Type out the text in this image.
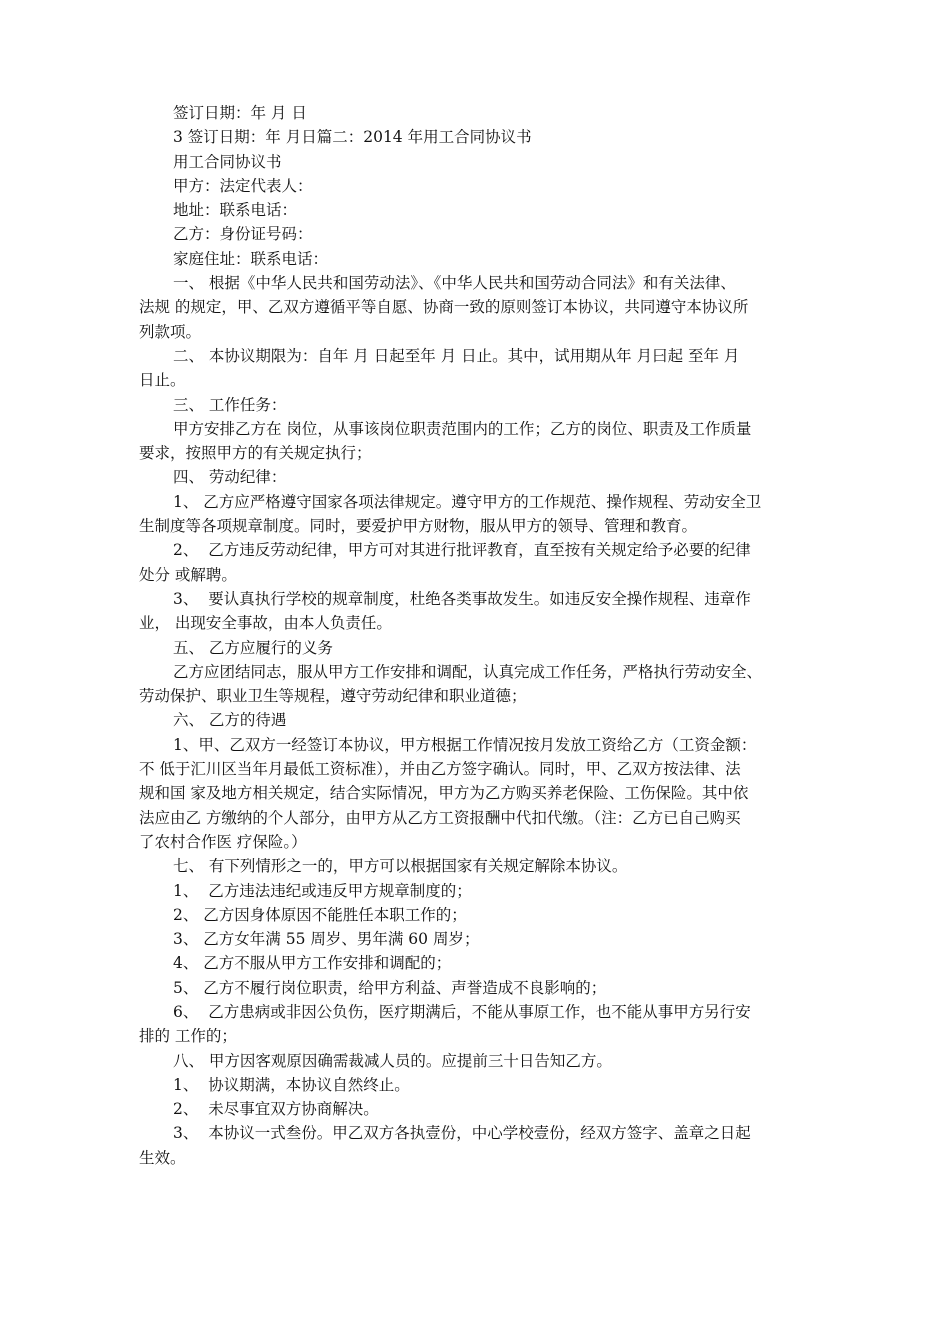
签订日期：年 月 日

3 签订日期：年 月日篇二：2014 年用工合同协议书

用工合同协议书

甲方：法定代表人：

地址：联系电话：

乙方：身份证号码：

家庭住址：联系电话：

一、 根据《中华人民共和国劳动法》、《中华人民共和国劳动合同法》和有关法律、

法规 的规定，甲、乙双方遵循平等自愿、协商一致的原则签订本协议，共同遵守本协议所

列款项。

二、 本协议期限为：自年 月 日起至年 月 日止。其中，试用期从年 月曰起 至年 月

日止。

三、 工作任务：

甲方安排乙方在 岗位，从事该岗位职责范围内的工作；乙方的岗位、职责及工作质量

要求，按照甲方的有关规定执行；

四、 劳动纪律：

1、 乙方应严格遵守国家各项法律规定。遵守甲方的工作规范、操作规程、劳动安全卫

生制度等各项规章制度。同时，要爱护甲方财物，服从甲方的领导、管理和教育。

2、  乙方违反劳动纪律，甲方可对其进行批评教育，直至按有关规定给予必要的纪律

处分 或解聘。

3、  要认真执行学校的规章制度，杜绝各类事故发生。如违反安全操作规程、违章作

业， 出现安全事故，由本人负责任。

五、 乙方应履行的义务

乙方应团结同志，服从甲方工作安排和调配，认真完成工作任务，严格执行劳动安全、

劳动保护、职业卫生等规程，遵守劳动纪律和职业道德；

六、 乙方的待遇

1、甲、乙双方一经签订本协议，甲方根据工作情况按月发放工资给乙方（工资金额：

不 低于汇川区当年月最低工资标准），并由乙方签字确认。同时，甲、乙双方按法律、法

规和国 家及地方相关规定，结合实际情况，甲方为乙方购买养老保险、工伤保险。其中依

法应由乙 方缴纳的个人部分，由甲方从乙方工资报酬中代扣代缴。（注：乙方已自己购买

了农村合作医 疗保险。）

七、 有下列情形之一的，甲方可以根据国家有关规定解除本协议。

1、  乙方违法违纪或违反甲方规章制度的；

2、 乙方因身体原因不能胜任本职工作的；

3、 乙方女年满 55 周岁、男年满 60 周岁；

4、 乙方不服从甲方工作安排和调配的；

5、 乙方不履行岗位职责，给甲方利益、声誉造成不良影响的；

6、  乙方患病或非因公负伤，医疗期满后，不能从事原工作，也不能从事甲方另行安

排的 工作的；

八、 甲方因客观原因确需裁减人员的。应提前三十日告知乙方。

1、  协议期满，本协议自然终止。

2、  未尽事宜双方协商解决。

3、  本协议一式叁份。甲乙双方各执壹份，中心学校壹份，经双方签字、盖章之日起

生效。
